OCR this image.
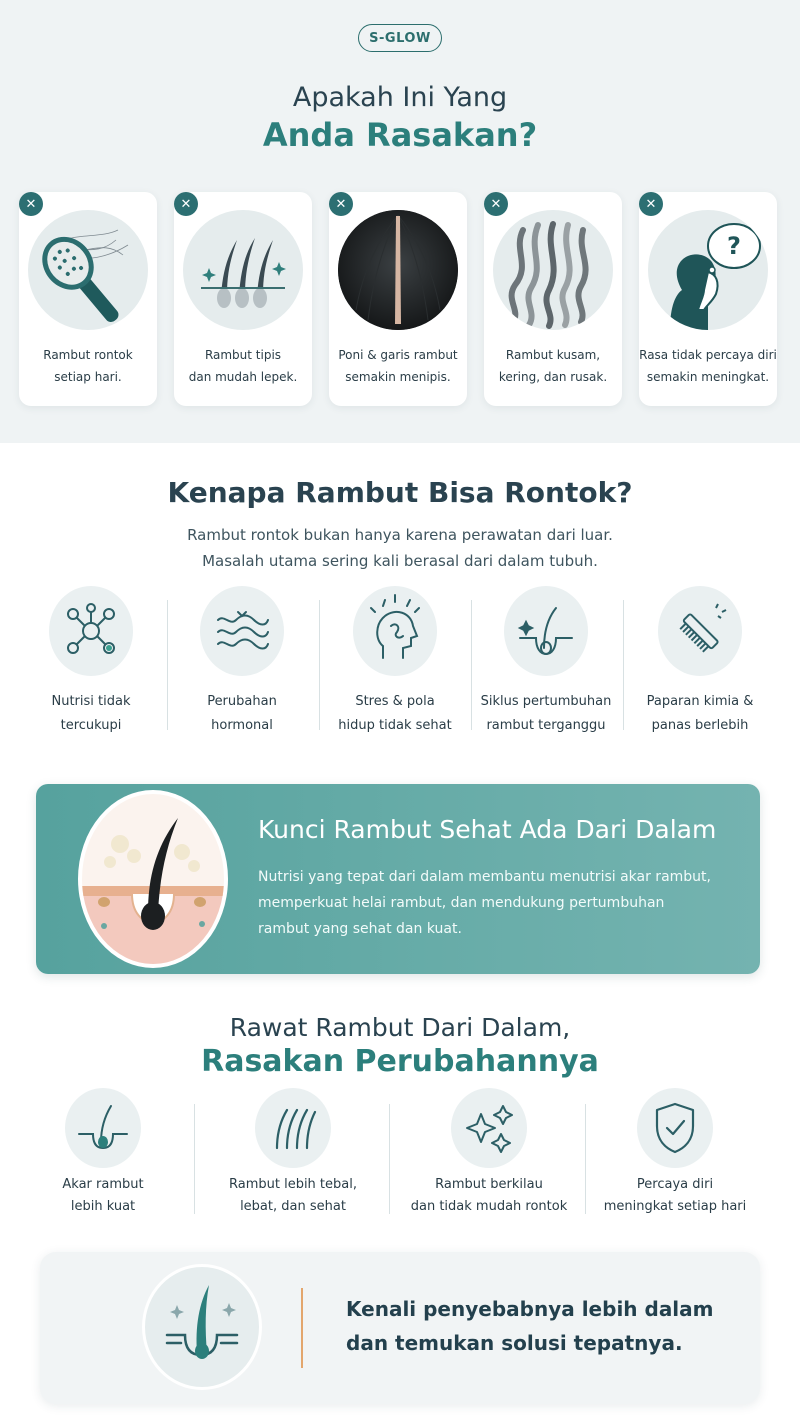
S-GLOW
Apakah Ini Yang
Anda Rasakan?
Rambut rontok
setiap hari.
Rambut tipis
dan mudah lepek.
Poni & garis rambut
semakin menipis.
Rambut kusam,
kering, dan rusak.
?
Rasa tidak percaya diri
semakin meningkat.
✕	✕	✕	✕	✕
Kenapa Rambut Bisa Rontok?
Rambut rontok bukan hanya karena perawatan dari luar.
Masalah utama sering kali berasal dari dalam tubuh.
Nutrisi tidak
tercukupi
Perubahan
hormonal
Stres & pola
hidup tidak sehat
Siklus pertumbuhan
rambut terganggu
Paparan kimia &
panas berlebih
Kunci Rambut Sehat Ada Dari Dalam
Nutrisi yang tepat dari dalam membantu menutrisi akar rambut,
memperkuat helai rambut, dan mendukung pertumbuhan
rambut yang sehat dan kuat.
Rawat Rambut Dari Dalam,
Rasakan Perubahannya
Akar rambut
lebih kuat
Rambut lebih tebal,
lebat, dan sehat
Rambut berkilau
dan tidak mudah rontok
Percaya diri
meningkat setiap hari
Kenali penyebabnya lebih dalam
dan temukan solusi tepatnya.
